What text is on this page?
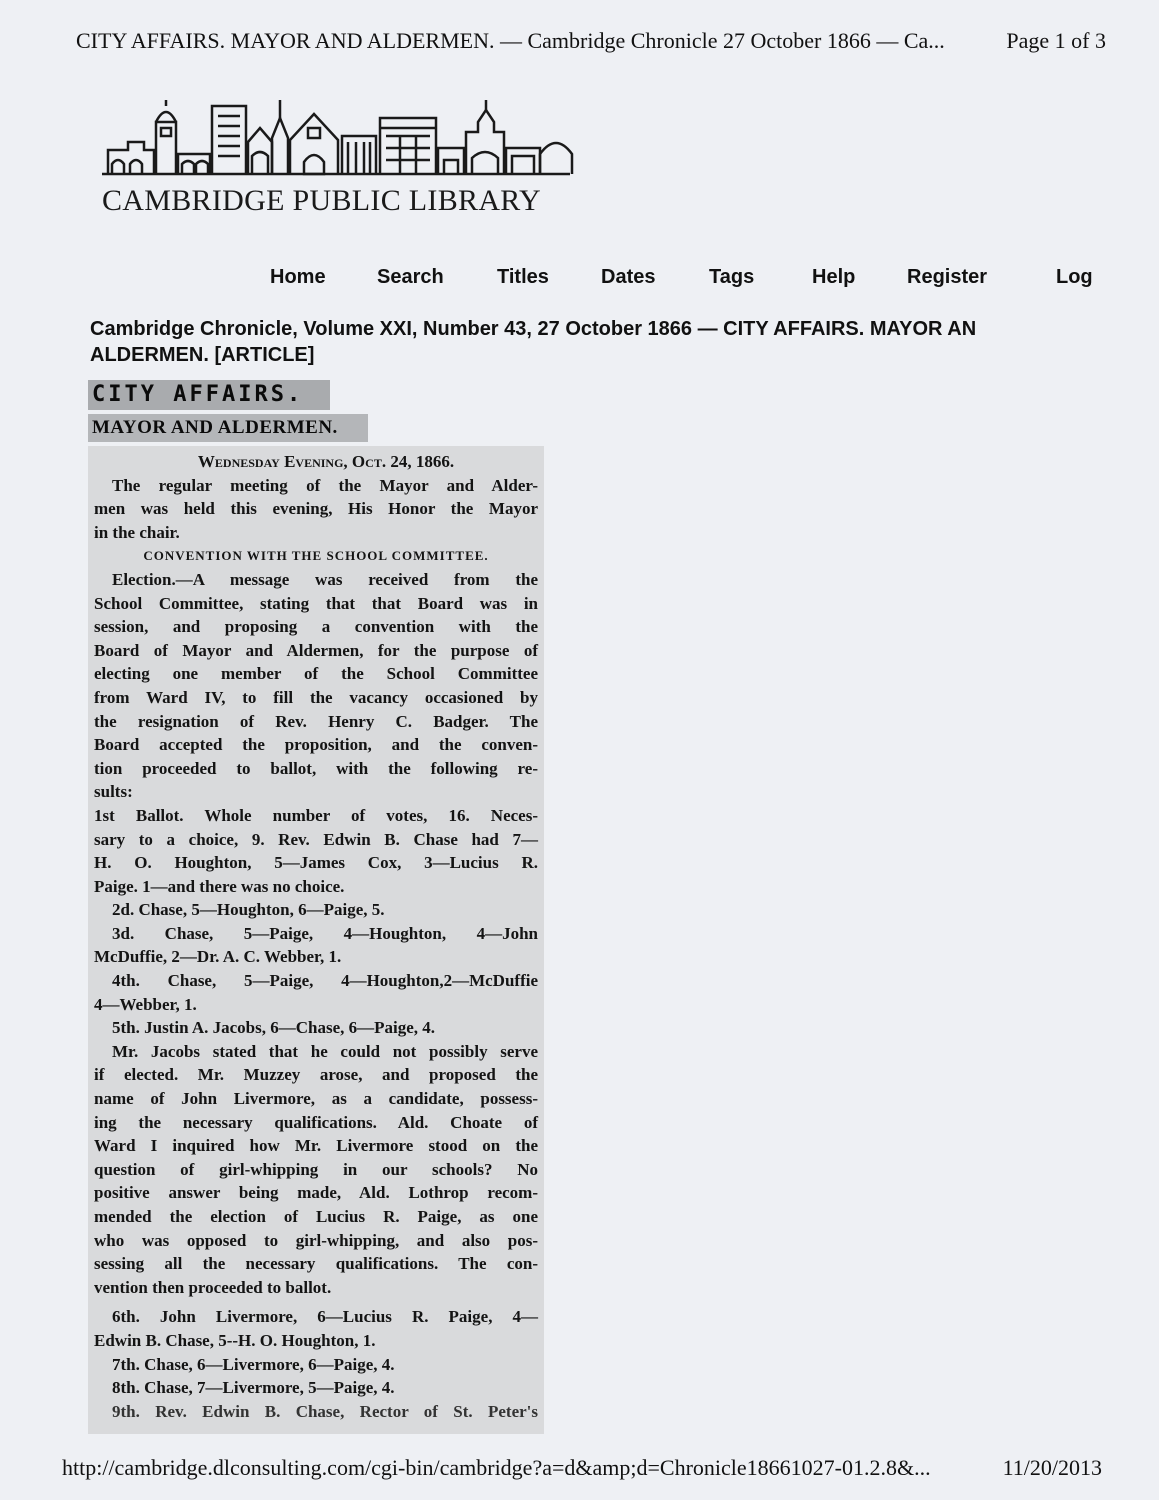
CITY AFFAIRS. MAYOR AND ALDERMEN. — Cambridge Chronicle 27 October 1866 — Ca...	Page 1 of 3
CAMBRIDGE PUBLIC LIBRARY
Home	Search	Titles	Dates	Tags	Help	Register	Log
Cambridge Chronicle, Volume XXI, Number 43, 27 October 1866 — CITY AFFAIRS. MAYOR AN
ALDERMEN. [ARTICLE]
CITY AFFAIRS.
MAYOR AND ALDERMEN.
Wednesday Evening, Oct. 24, 1866.
The regular meeting of the Mayor and Alder-
men was held this evening, His Honor the Mayor
in the chair.
CONVENTION WITH THE SCHOOL COMMITTEE.
Election.—A message was received from the
School Committee, stating that that Board was in
session, and proposing a convention with the
Board of Mayor and Aldermen, for the purpose of
electing one member of the School Committee
from Ward IV, to fill the vacancy occasioned by
the resignation of Rev. Henry C. Badger. The
Board accepted the proposition, and the conven-
tion proceeded to ballot, with the following re-
sults:
1st Ballot. Whole number of votes, 16. Neces-
sary to a choice, 9. Rev. Edwin B. Chase had 7—
H. O. Houghton, 5—James Cox, 3—Lucius R.
Paige. 1—and there was no choice.
2d. Chase, 5—Houghton, 6—Paige, 5.
3d. Chase, 5—Paige, 4—Houghton, 4—John
McDuffie, 2—Dr. A. C. Webber, 1.
4th. Chase, 5—Paige, 4—Houghton,2—McDuffie
4—Webber, 1.
5th. Justin A. Jacobs, 6—Chase, 6—Paige, 4.
Mr. Jacobs stated that he could not possibly serve
if elected. Mr. Muzzey arose, and proposed the
name of John Livermore, as a candidate, possess-
ing the necessary qualifications. Ald. Choate of
Ward I inquired how Mr. Livermore stood on the
question of girl-whipping in our schools? No
positive answer being made, Ald. Lothrop recom-
mended the election of Lucius R. Paige, as one
who was opposed to girl-whipping, and also pos-
sessing all the necessary qualifications. The con-
vention then proceeded to ballot.
6th. John Livermore, 6—Lucius R. Paige, 4—
Edwin B. Chase, 5--H. O. Houghton, 1.
7th. Chase, 6—Livermore, 6—Paige, 4.
8th. Chase, 7—Livermore, 5—Paige, 4.
9th. Rev. Edwin B. Chase, Rector of St. Peter's
http://cambridge.dlconsulting.com/cgi-bin/cambridge?a=d&amp;d=Chronicle18661027-01.2.8&...	11/20/2013
